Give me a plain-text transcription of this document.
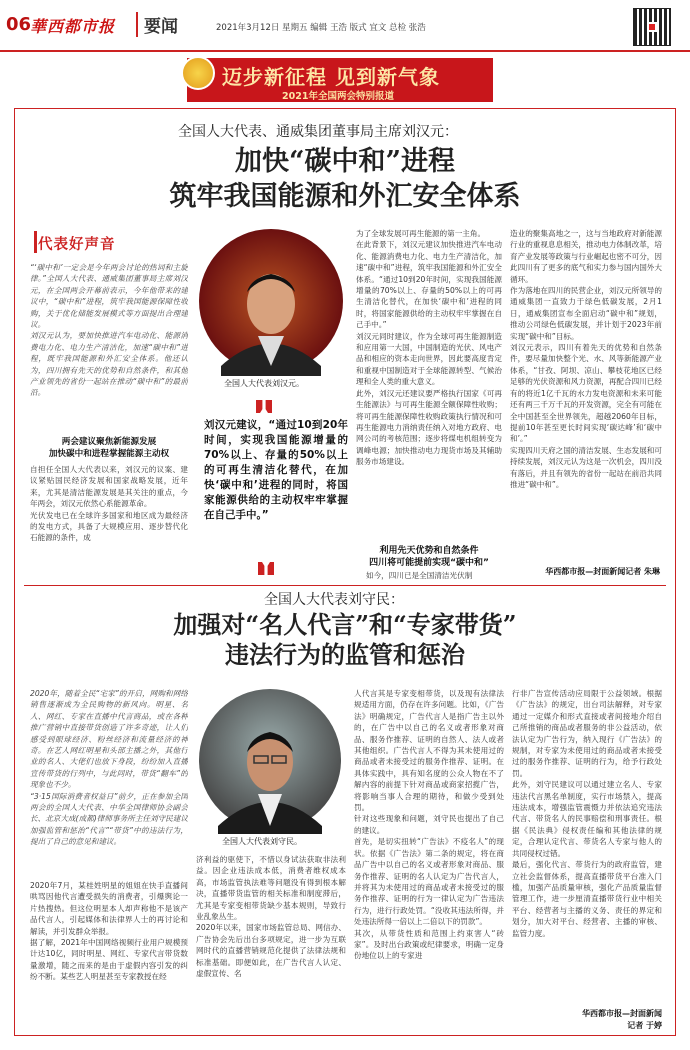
06
華西都市报	要闻	2021年3月12日 星期五 编辑 王浩 版式 宜文 总检 张浩
迈步新征程 见到新气象
2021年全国两会特别报道
全国人大代表、通威集团董事局主席刘汉元：
加快“碳中和”进程
筑牢我国能源和外汇安全体系
代表好声音
“‘碳中和’一定会是今年两会讨论的热词和主旋律。”全国人大代表、通威集团董事局主席刘汉元，在全国两会开幕前表示，今年他带来的建议中，“碳中和”进程，筑牢我国能源保障性收购，关于优化储能发展模式等方面提出合理建议。
刘汉元认为，要加快推进汽车电动化、能源消费电力化、电力生产清洁化，加速“碳中和”进程，既牢我国能源和外汇安全体系。他还认为，四川拥有先天的优势和自然条件，和其他产业领先的省份一起站在推动“碳中和”的最前沿。
两会建议聚焦新能源发展
加快碳中和进程掌握能源主动权
自担任全国人大代表以来，刘汉元的议案、建议紧贴国民经济发展和国家战略发展，近年来，尤其是清洁能源发展是其关注的重点，今年两会，刘汉元依然心系能源革命。
光伏发电已在全球许多国家和地区成为最经济的发电方式，具备了大规模应用、逐步替代化石能源的条件，成
全国人大代表刘汉元。
刘汉元建议，“通过10到20年时间，实现我国能源增量的70%以上、存量的50%以上的可再生清洁化替代，在加快‘碳中和’进程的同时，将国家能源供给的主动权牢牢掌握在自己手中。”
为了全球发展可再生能源的第一主角。
在此背景下，刘汉元建议加快推进汽车电动化、能源消费电力化、电力生产清洁化，加速“碳中和”进程，筑牢我国能源和外汇安全体系。“通过10到20年时间，实现我国能源增量的70%以上、存量的50%以上的可再生清洁化替代，在加快‘碳中和’进程的同时，将国家能源供给的主动权牢牢掌握在自己手中。”
刘汉元同时建议，作为全球可再生能源制造和应用第一大国，中国制造的光伏、风电产品和相应的资本走向世界，因此要高度肯定和重视中国制造对于全球能源转型、气候治理和全人类的重大意义。
此外，刘汉元还建议要严格执行国家《可再生能源法》与可再生能源全额保障性收购；将可再生能源保障性收购政策执行情况和可再生能源电力消纳责任纳入对地方政府、电网公司的考核范围；逐步将煤电机组转变为调峰电源；加快推动电力现货市场及其辅助服务市场建设。
利用先天优势和自然条件
四川将可能提前实现“碳中和”
如今，四川已是全国清洁光伏制
造业的聚集高地之一，这与当地政府对新能源行业的重视息息相关，推动电力体制改革，培育产业发展等政策与行业崛起也密不可分，因此四川有了更多的底气和实力参与国内国外大循环。
作为落地在四川的民营企业，刘汉元所领导的通威集团一直致力于绿色低碳发展，2月1日，通威集团宣布全面启动“碳中和”规划，推动公司绿色低碳发展，并计划于2023年前实现“碳中和”目标。
刘汉元表示，四川有着先天的优势和自然条件，要尽量加快整个光、水、风等新能源产业体系，“甘孜、阿坝、凉山、攀枝花地区已经足够的光伏资源和风力资源，再配合四川已经有的将近1亿千瓦的水力发电资源和未来可能还有两三千万千瓦的开发资源，完全有可能在全中国甚至全世界领先，超越2060年目标，提前10年甚至更长时间实现‘碳达峰’和‘碳中和’。”
实现四川天府之国的清洁发展、生态发展和可持续发展，刘汉元认为这是一次机会，四川没有落后，并且有领先的省份一起站在前沿共同推进“碳中和”。
华西都市报—封面新闻记者 朱琳
全国人大代表刘守民：
加强对“名人代言”和“专家带货”
违法行为的监管和惩治
2020年，随着全民“宅家”的开启，网购和网络销售逐渐成为全民购物的新风向。明星、名人、网红、专家在直播中代言商品，或在各种推广营销中直接带货创造了许多奇迹，让人们感受到眼球经济、粉丝经济和流量经济的神奇。在艺人网红明星和头部主播之外，其他行业的名人、大佬们也放下身段，纷纷加入直播宣传带货的行列中，与此同时，带货“翻车”的现象也不少。
“3·15国际消费者权益日”前夕，正在参加全国两会的全国人大代表、中华全国律师协会副会长、北京大成(成都)律师事务所主任刘守民建议加强监管和惩治“代言”“带货”中的违法行为，提出了自己的意见和建议。
2020年7月，某桂姓明星的姐姐在快手直播间哄骂因他代言遭受损失的消费者，引爆舆论一片热搜热。但这位明星本人却声称他不是该产品代言人，引起媒体和法律界人士的再讨论和解读，并引发群众举报。
据了解，2021年中国网络视频行业用户规模预计达10亿，同时明星、网红、专家代言带货数量激增，随之而来的是由于虚假内容引发的纠纷不断。某些艺人明星甚至专家教授在经
全国人大代表刘守民。
济利益的驱使下，不惜以身试法获取非法利益。因企业违法成本低，消费者维权成本高，市场监管执法难等问题没有得到根本解决，直播带货监管的相关标准和制度滞后，尤其是专家变相带货缺少基本规则，导致行业乱象丛生。
2020年以来，国家市场监管总局、网信办、广告协会先后出台多项规定，进一步为互联网时代的直播营销规范化提供了法律法规和标准基础。即便如此，在广告代言人认定、虚假宣传、名
人代言其是专家变相带货，以及现有法律法规适用方面，仍存在许多问题。比如，《广告法》明确规定，广告代言人是指广告主以外的，在广告中以自己的名义或者形象对商品、服务作推荐、证明的自然人、法人或者其他组织。广告代言人不得为其未使用过的商品或者未接受过的服务作推荐、证明。在具体实践中，具有知名度的公众人物在不了解内容的前提下针对商品或商家招揽广告，将影响当事人合理的期待，和做少受到处罚。
针对这些现象和问题，刘守民也提出了自己的建议。
首先，是切实扭转“广告法》不疫名人”的现状。依据《广告法》第二条的规定，将在商品广告中以自己的名义或者形象对商品、服务作推荐、证明的名人认定为广告代言人，并将其为未使用过的商品或者未接受过的服务作推荐、证明的行为一律认定为广告违法行为，进行行政处罚。“没收其违法所得，并处违法所得一倍以上二倍以下的罚款”。
其次，从带货性质和范围上约束害人“砖家”。及时出台政策或纪律要求，明确一定身份地位以上的专家进
行非广告宣传活动应局限于公益领域。根据《广告法》的规定，出台司法解释，对专家通过一定媒介和形式直接或者间接地介绍自己所推销的商品或者服务的非公益活动，依法认定为广告行为，纳入现行《广告法》的规制，对专家为未使用过的商品或者未接受过的服务作推荐、证明的行为，给予行政处罚。
此外，刘守民建议可以通过建立名人、专家违法代言黑名单制度，实行市场禁入，提高违法成本，增强监管震慑力并依法追究违法代言、带货名人的民事赔偿和刑事责任。根据《民法典》侵权责任编和其他法律的规定，合理认定代言、带货名人专家与他人的共同侵权过错。
最后，强化代言、带货行为的政府监管，建立社会监督体系，提高直播带货平台准入门槛，加强产品质量审核，强化产品质量监督管理工作，进一步厘清直播带货行业中相关平台、经营者与主播的义务、责任的界定和划分，加大对平台、经营者、主播的审核、监管力度。
华西都市报—封面新闻
记者 于婷
